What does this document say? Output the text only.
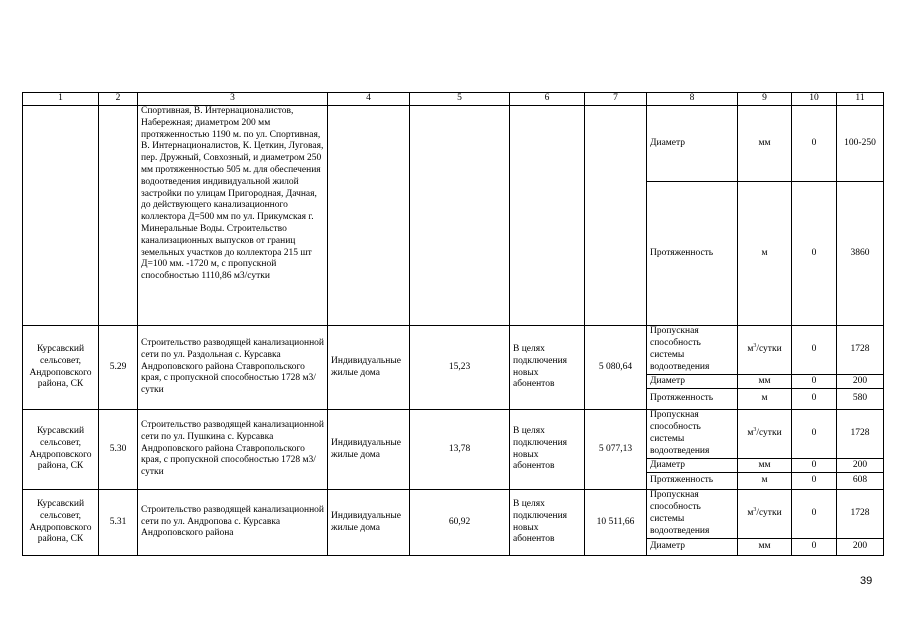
1	2	3	4	5	6	7	8	9	10	11
		Спортивная, В. Интернационалистов, Набережная; диаметром 200 мм протяженностью 1190 м. по ул. Спортивная, В. Интернационалистов, К. Цеткин, Луговая, пер. Дружный, Совхозный, и диаметром 250 мм протяженностью 505 м. для обеспечения водоотведения индивидуальной жилой застройки по улицам Пригородная, Дачная, до действующего канализационного коллектора Д=500 мм по ул. Прикумская г. Минеральные Воды. Строительство канализационных выпусков от границ земельных участков до коллектора 215 шт Д=100 мм. -1720 м, с пропускной способностью 1110,86 м3/сутки					Диаметр	мм	0	100-250
							Протяженность	м	0	3860
Курсавский сельсовет, Андроповского района, СК	5.29	Строительство разводящей канализационной сети по ул. Раздольная с. Курсавка Андроповского района Ставропольского края, с пропускной способностью 1728 м3/сутки	Индивидуальные жилые дома	15,23	В целях подключения новых абонентов	5 080,64	Пропускная способность системы водоотведения	$м^3$/сутки	0	1728
							Диаметр	мм	0	200
							Протяженность	м	0	580
Курсавский сельсовет, Андроповского района, СК	5.30	Строительство разводящей канализационной сети по ул. Пушкина с. Курсавка Андроповского района Ставропольского края, с пропускной способностью 1728 м3/сутки	Индивидуальные жилые дома	13,78	В целях подключения новых абонентов	5 077,13	Пропускная способность системы водоотведения	$м^3$/сутки	0	1728
							Диаметр	мм	0	200
							Протяженность	м	0	608
Курсавский сельсовет, Андроповского района, СК	5.31	Строительство разводящей канализационной сети по ул. Андропова с. Курсавка Андроповского района	Индивидуальные жилые дома	60,92	В целях подключения новых абонентов	10 511,66	Пропускная способность системы водоотведения	$м^3$/сутки	0	1728
							Диаметр	мм	0	200
39
